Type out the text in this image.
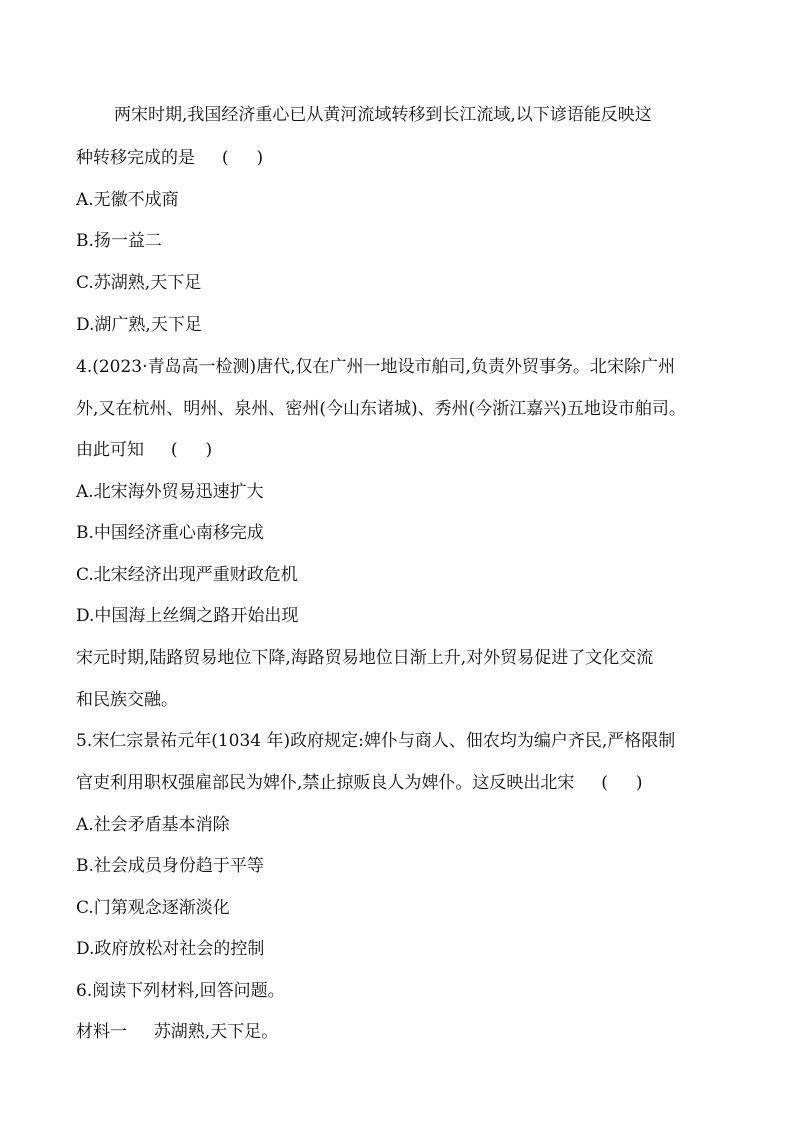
两宋时期,我国经济重心已从黄河流域转移到长江流域,以下谚语能反映这
种转移完成的是 ( )
A.无徽不成商
B.扬一益二
C.苏湖熟,天下足
D.湖广熟,天下足
4.(2023·青岛高一检测)唐代,仅在广州一地设市舶司,负责外贸事务。北宋除广州
外,又在杭州、明州、泉州、密州(今山东诸城)、秀州(今浙江嘉兴)五地设市舶司。
由此可知 ( )
A.北宋海外贸易迅速扩大
B.中国经济重心南移完成
C.北宋经济出现严重财政危机
D.中国海上丝绸之路开始出现
宋元时期,陆路贸易地位下降,海路贸易地位日渐上升,对外贸易促进了文化交流
和民族交融。
5.宋仁宗景祐元年(1034 年)政府规定:婢仆与商人、佃农均为编户齐民,严格限制
官吏利用职权强雇部民为婢仆,禁止掠贩良人为婢仆。这反映出北宋 ( )
A.社会矛盾基本消除
B.社会成员身份趋于平等
C.门第观念逐渐淡化
D.政府放松对社会的控制
6.阅读下列材料,回答问题。
材料一 苏湖熟,天下足。
